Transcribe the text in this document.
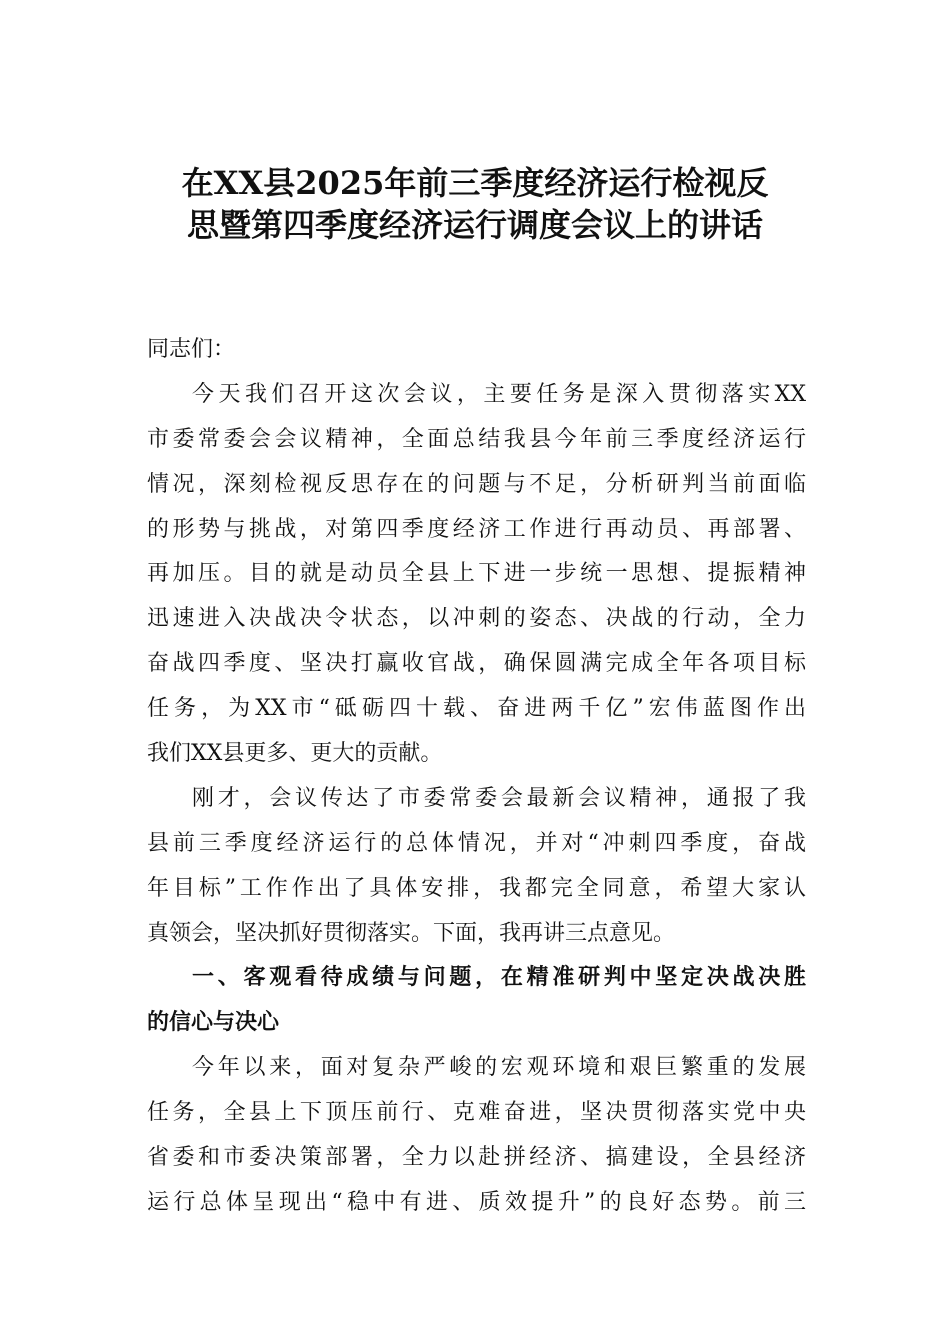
在XX县2025年前三季度经济运行检视反
思暨第四季度经济运行调度会议上的讲话
同志们：
今天我们召开这次会议，主要任务是深入贯彻落实XX
市委常委会会议精神，全面总结我县今年前三季度经济运行
情况，深刻检视反思存在的问题与不足，分析研判当前面临
的形势与挑战，对第四季度经济工作进行再动员、再部署、
再加压。目的就是动员全县上下进一步统一思想、提振精神
迅速进入决战决令状态，以冲刺的姿态、决战的行动，全力
奋战四季度、坚决打赢收官战，确保圆满完成全年各项目标
任务，为XX市“砥砺四十载、奋进两千亿”宏伟蓝图作出
我们XX县更多、更大的贡献。
刚才，会议传达了市委常委会最新会议精神，通报了我
县前三季度经济运行的总体情况，并对“冲刺四季度，奋战
年目标”工作作出了具体安排，我都完全同意，希望大家认
真领会，坚决抓好贯彻落实。下面，我再讲三点意见。
一、客观看待成绩与问题，在精准研判中坚定决战决胜
的信心与决心
今年以来，面对复杂严峻的宏观环境和艰巨繁重的发展
任务，全县上下顶压前行、克难奋进，坚决贯彻落实党中央
省委和市委决策部署，全力以赴拼经济、搞建设，全县经济
运行总体呈现出“稳中有进、质效提升”的良好态势。前三
